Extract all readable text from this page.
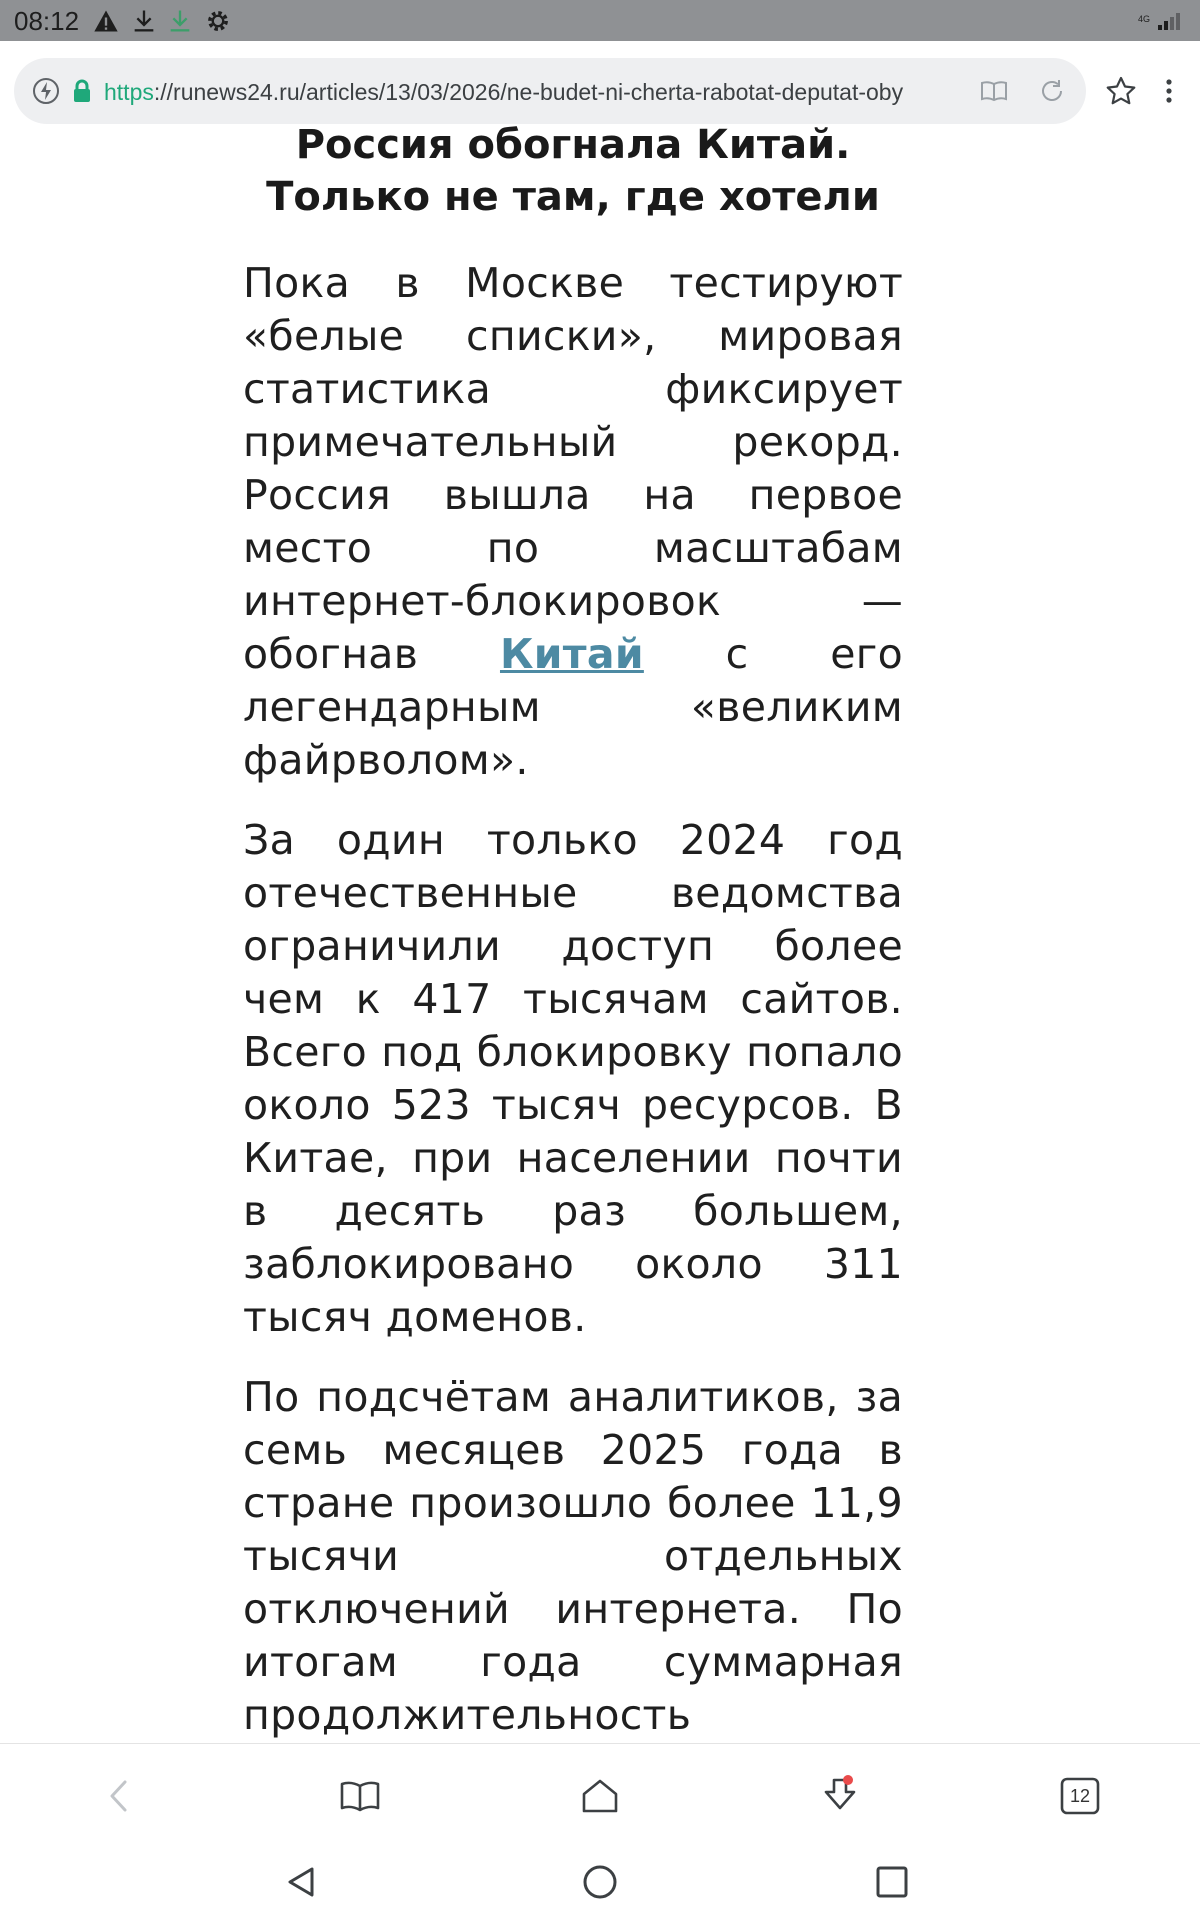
08:12	4G
https://runews24.ru/articles/13/03/2026/ne-budet-ni-cherta-rabotat-deputat-oby
Россия обогнала Китай.
Только не там, где хотели

Пока в Москве тестируют «белые списки», мировая статистика фиксирует примечательный рекорд. Россия вышла на первое место по масштабам интернет-блокировок — обогнав Китай с его легендарным «великим файрволом».

За один только 2024 год отечественные ведомства ограничили доступ более чем к 417 тысячам сайтов. Всего под блокировку попало около 523 тысяч ресурсов. В Китае, при населении почти в десять раз большем, заблокировано около 311 тысяч доменов.

По подсчётам аналитиков, за семь месяцев 2025 года в стране произошло более 11,9 тысячи отдельных отключений интернета. По итогам года суммарная продолжительность

12
